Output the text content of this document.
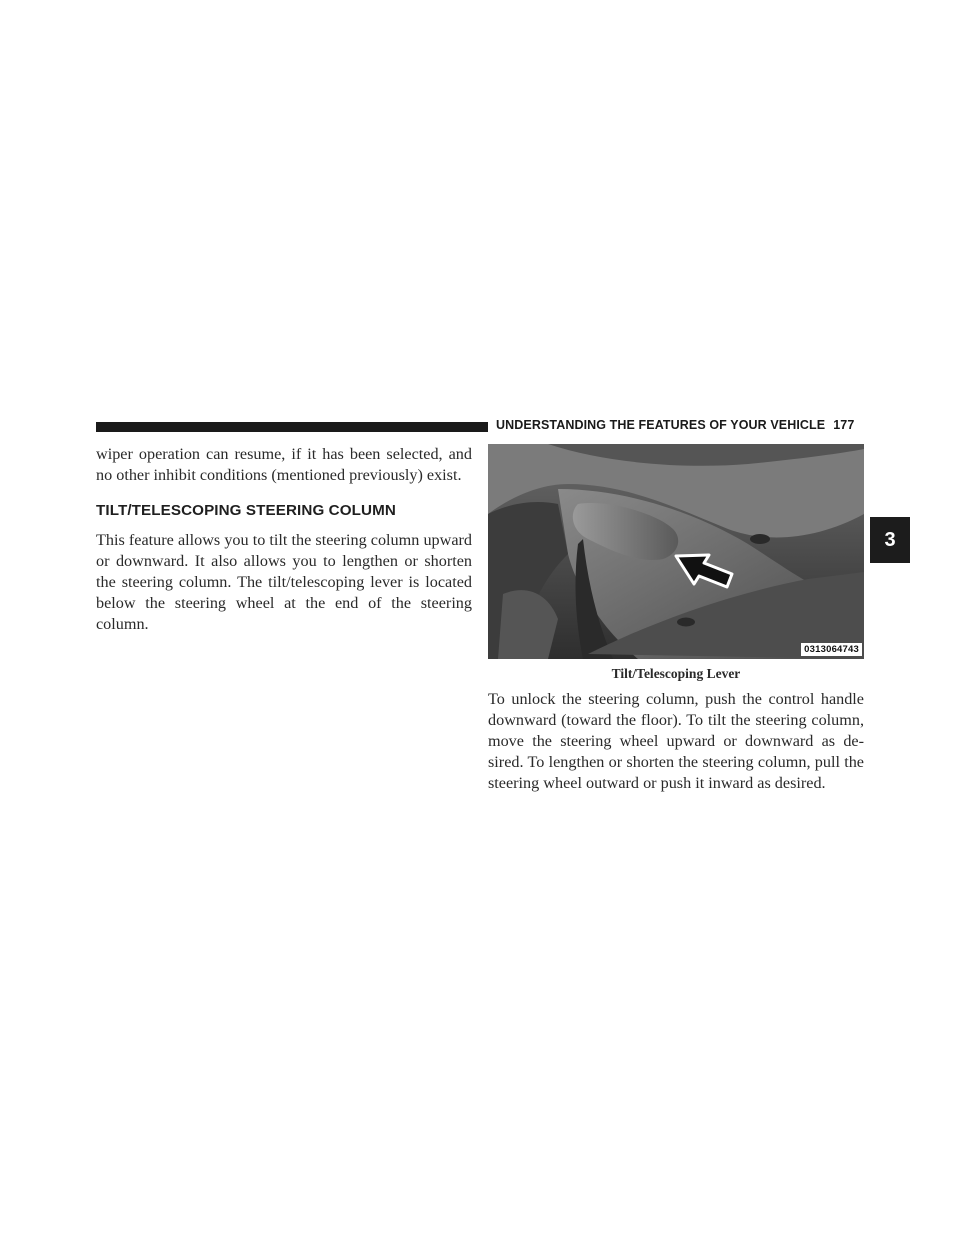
UNDERSTANDING THE FEATURES OF YOUR VEHICLE 177
3

wiper operation can resume, if it has been selected, and no other inhibit conditions (mentioned previously) exist.

TILT/TELESCOPING STEERING COLUMN

This feature allows you to tilt the steering column upward or downward. It also allows you to lengthen or shorten the steering column. The tilt/telescoping lever is located below the steering wheel at the end of the steering column.

0313064743
Tilt/Telescoping Lever

To unlock the steering column, push the control handle downward (toward the floor). To tilt the steering column, move the steering wheel upward or downward as de-sired. To lengthen or shorten the steering column, pull the steering wheel outward or push it inward as desired.
